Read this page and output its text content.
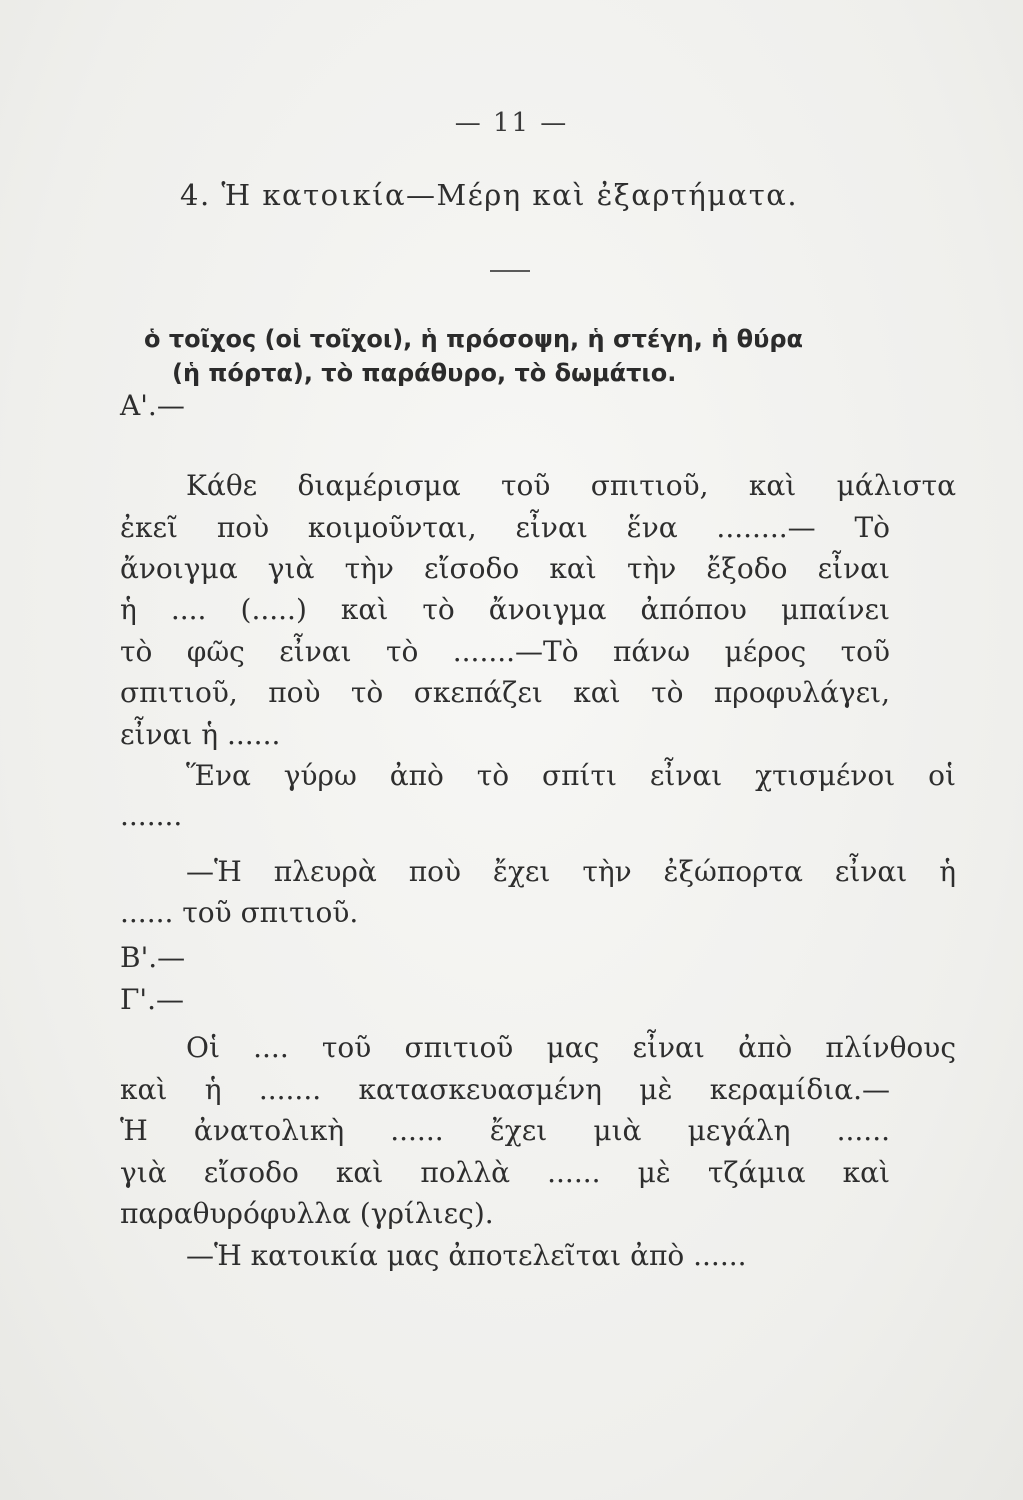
— 11 —
4. Ἡ κατοικία—Μέρη καὶ ἐξαρτήματα.
ὁ τοῖχος (οἱ τοῖχοι), ἡ πρόσοψη, ἡ στέγη, ἡ θύρα
(ἡ πόρτα), τὸ παράθυρο, τὸ δωμάτιο.
Α'.—
Κάθε διαμέρισμα τοῦ σπιτιοῦ, καὶ μάλιστα
ἐκεῖ ποὺ κοιμοῦνται, εἶναι ἕνα ........— Τὸ
ἄνοιγμα γιὰ τὴν εἴσοδο καὶ τὴν ἔξοδο εἶναι
ἡ .... (.....) καὶ τὸ ἄνοιγμα ἀπόπου μπαίνει
τὸ φῶς εἶναι τὸ .......—Τὸ πάνω μέρος τοῦ
σπιτιοῦ, ποὺ τὸ σκεπάζει καὶ τὸ προφυλάγει,
εἶναι ἡ ......
Ἕνα γύρω ἀπὸ τὸ σπίτι εἶναι χτισμένοι οἱ
.......
—Ἡ πλευρὰ ποὺ ἔχει τὴν ἐξώπορτα εἶναι ἡ
...... τοῦ σπιτιοῦ.
Β'.—
Γ'.—
Οἱ .... τοῦ σπιτιοῦ μας εἶναι ἀπὸ πλίνθους
καὶ ἡ ....... κατασκευασμένη μὲ κεραμίδια.—
Ἡ ἀνατολικὴ ...... ἔχει μιὰ μεγάλη ......
γιὰ εἴσοδο καὶ πολλὰ ...... μὲ τζάμια καὶ
παραθυρόφυλλα (γρίλιες).
—Ἡ κατοικία μας ἀποτελεῖται ἀπὸ ......
